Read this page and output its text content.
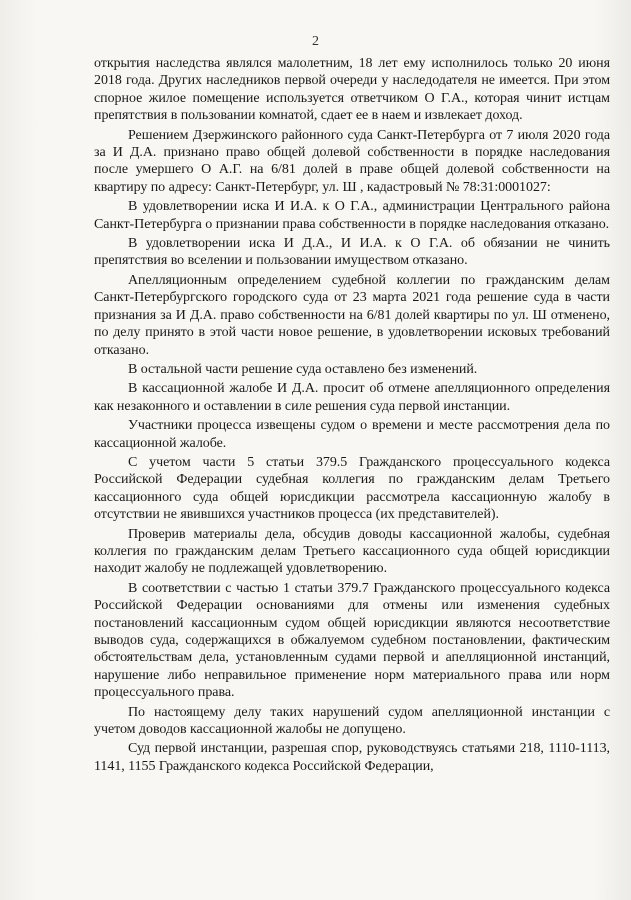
2

открытия наследства являлся малолетним, 18 лет ему исполнилось только 20 июня 2018 года. Других наследников первой очереди у наследодателя не имеется. При этом спорное жилое помещение используется ответчиком О Г.А., которая чинит истцам препятствия в пользовании комнатой, сдает ее в наем и извлекает доход.

Решением Дзержинского районного суда Санкт-Петербурга от 7 июля 2020 года за И Д.А. признано право общей долевой собственности в порядке наследования после умершего О А.Г. на 6/81 долей в праве общей долевой собственности на квартиру по адресу: Санкт-Петербург, ул. Ш , кадастровый № 78:31:0001027:

В удовлетворении иска И И.А. к О Г.А., администрации Центрального района Санкт-Петербурга о признании права собственности в порядке наследования отказано.

В удовлетворении иска И Д.А., И И.А. к О Г.А. об обязании не чинить препятствия во вселении и пользовании имуществом отказано.

Апелляционным определением судебной коллегии по гражданским делам Санкт-Петербургского городского суда от 23 марта 2021 года решение суда в части признания за И Д.А. право собственности на 6/81 долей квартиры по ул. Ш отменено, по делу принято в этой части новое решение, в удовлетворении исковых требований отказано.

В остальной части решение суда оставлено без изменений.

В кассационной жалобе И Д.А. просит об отмене апелляционного определения как незаконного и оставлении в силе решения суда первой инстанции.

Участники процесса извещены судом о времени и месте рассмотрения дела по кассационной жалобе.

С учетом части 5 статьи 379.5 Гражданского процессуального кодекса Российской Федерации судебная коллегия по гражданским делам Третьего кассационного суда общей юрисдикции рассмотрела кассационную жалобу в отсутствии не явившихся участников процесса (их представителей).

Проверив материалы дела, обсудив доводы кассационной жалобы, судебная коллегия по гражданским делам Третьего кассационного суда общей юрисдикции находит жалобу не подлежащей удовлетворению.

В соответствии с частью 1 статьи 379.7 Гражданского процессуального кодекса Российской Федерации основаниями для отмены или изменения судебных постановлений кассационным судом общей юрисдикции являются несоответствие выводов суда, содержащихся в обжалуемом судебном постановлении, фактическим обстоятельствам дела, установленным судами первой и апелляционной инстанций, нарушение либо неправильное применение норм материального права или норм процессуального права.

По настоящему делу таких нарушений судом апелляционной инстанции с учетом доводов кассационной жалобы не допущено.

Суд первой инстанции, разрешая спор, руководствуясь статьями 218, 1110-1113, 1141, 1155 Гражданского кодекса Российской Федерации,
